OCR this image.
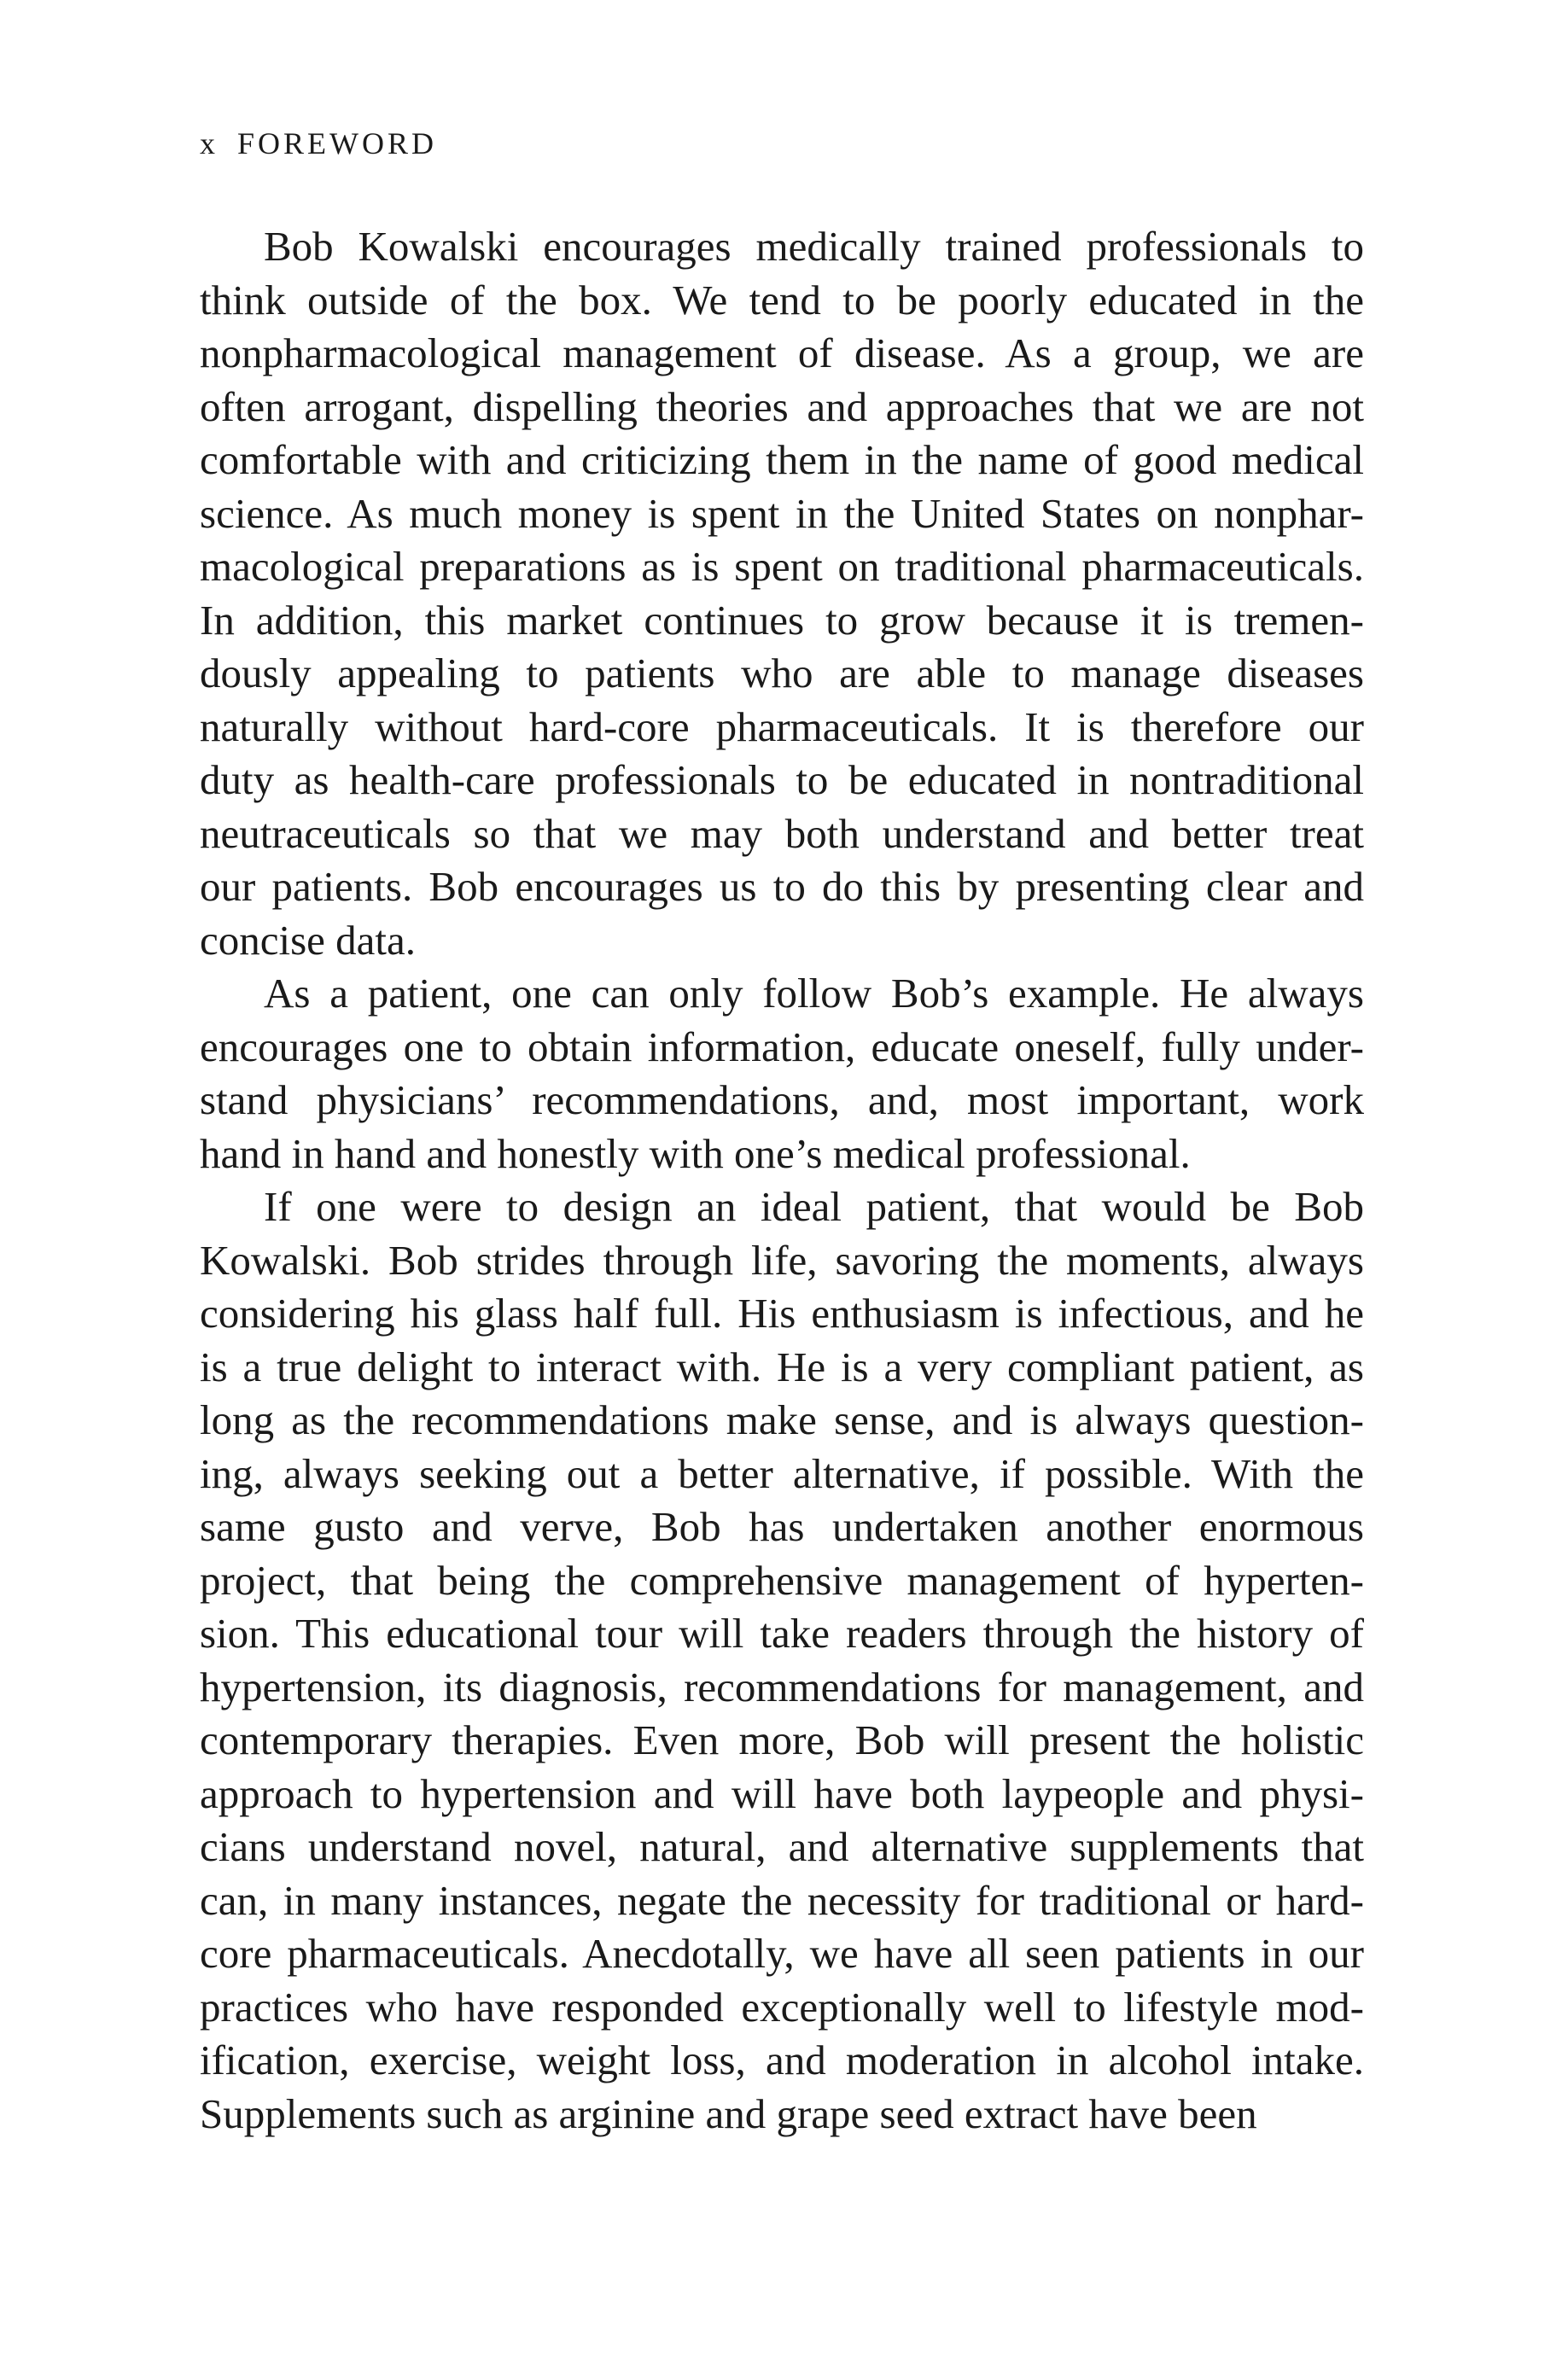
x FOREWORD
Bob Kowalski encourages medically trained professionals to
think outside of the box. We tend to be poorly educated in the
nonpharmacological management of disease. As a group, we are
often arrogant, dispelling theories and approaches that we are not
comfortable with and criticizing them in the name of good medical
science. As much money is spent in the United States on nonphar-
macological preparations as is spent on traditional pharmaceuticals.
In addition, this market continues to grow because it is tremen-
dously appealing to patients who are able to manage diseases
naturally without hard-core pharmaceuticals. It is therefore our
duty as health-care professionals to be educated in nontraditional
neutraceuticals so that we may both understand and better treat
our patients. Bob encourages us to do this by presenting clear and
concise data.
As a patient, one can only follow Bob’s example. He always
encourages one to obtain information, educate oneself, fully under-
stand physicians’ recommendations, and, most important, work
hand in hand and honestly with one’s medical professional.
If one were to design an ideal patient, that would be Bob
Kowalski. Bob strides through life, savoring the moments, always
considering his glass half full. His enthusiasm is infectious, and he
is a true delight to interact with. He is a very compliant patient, as
long as the recommendations make sense, and is always question-
ing, always seeking out a better alternative, if possible. With the
same gusto and verve, Bob has undertaken another enormous
project, that being the comprehensive management of hyperten-
sion. This educational tour will take readers through the history of
hypertension, its diagnosis, recommendations for management, and
contemporary therapies. Even more, Bob will present the holistic
approach to hypertension and will have both laypeople and physi-
cians understand novel, natural, and alternative supplements that
can, in many instances, negate the necessity for traditional or hard-
core pharmaceuticals. Anecdotally, we have all seen patients in our
practices who have responded exceptionally well to lifestyle mod-
ification, exercise, weight loss, and moderation in alcohol intake.
Supplements such as arginine and grape seed extract have been
